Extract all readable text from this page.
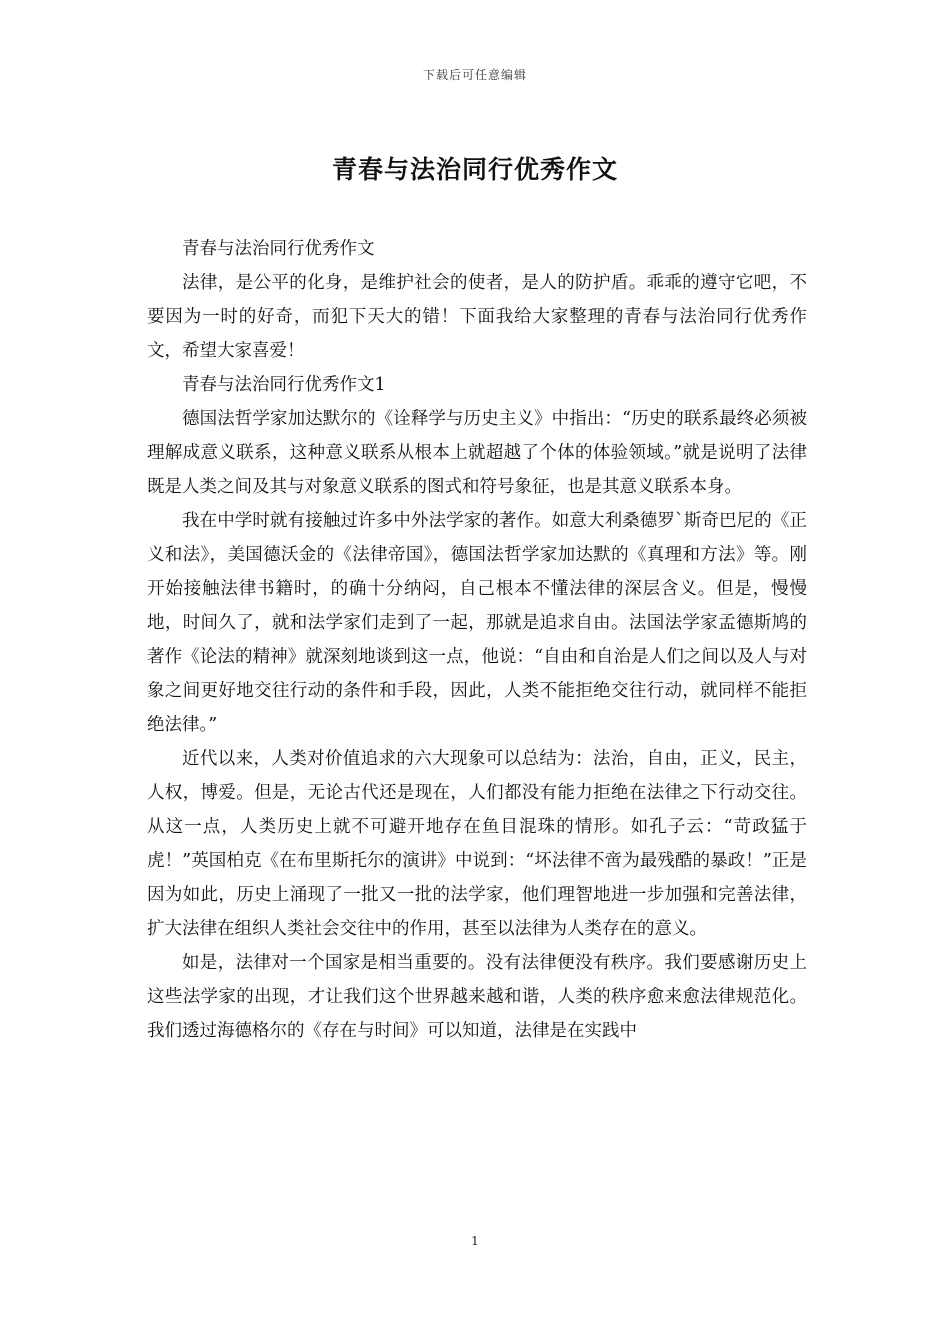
下载后可任意编辑
青春与法治同行优秀作文

青春与法治同行优秀作文

法律，是公平的化身，是维护社会的使者，是人的防护盾。乖乖的遵守它吧，不要因为一时的好奇，而犯下天大的错！下面我给大家整理的青春与法治同行优秀作文，希望大家喜爱！

青春与法治同行优秀作文1

德国法哲学家加达默尔的《诠释学与历史主义》中指出：“历史的联系最终必须被理解成意义联系，这种意义联系从根本上就超越了个体的体验领域。”就是说明了法律既是人类之间及其与对象意义联系的图式和符号象征，也是其意义联系本身。

我在中学时就有接触过许多中外法学家的著作。如意大利桑德罗`斯奇巴尼的《正义和法》，美国德沃金的《法律帝国》，德国法哲学家加达默的《真理和方法》等。刚开始接触法律书籍时，的确十分纳闷，自己根本不懂法律的深层含义。但是，慢慢地，时间久了，就和法学家们走到了一起，那就是追求自由。法国法学家孟德斯鸠的著作《论法的精神》就深刻地谈到这一点，他说：“自由和自治是人们之间以及人与对象之间更好地交往行动的条件和手段，因此，人类不能拒绝交往行动，就同样不能拒绝法律。”

近代以来，人类对价值追求的六大现象可以总结为：法治，自由，正义，民主，人权，博爱。但是，无论古代还是现在，人们都没有能力拒绝在法律之下行动交往。从这一点，人类历史上就不可避开地存在鱼目混珠的情形。如孔子云：“苛政猛于虎！”英国柏克《在布里斯托尔的演讲》中说到：“坏法律不啻为最残酷的暴政！”正是因为如此，历史上涌现了一批又一批的法学家，他们理智地进一步加强和完善法律，扩大法律在组织人类社会交往中的作用，甚至以法律为人类存在的意义。

如是，法律对一个国家是相当重要的。没有法律便没有秩序。我们要感谢历史上这些法学家的出现，才让我们这个世界越来越和谐，人类的秩序愈来愈法律规范化。我们透过海德格尔的《存在与时间》可以知道，法律是在实践中

1
